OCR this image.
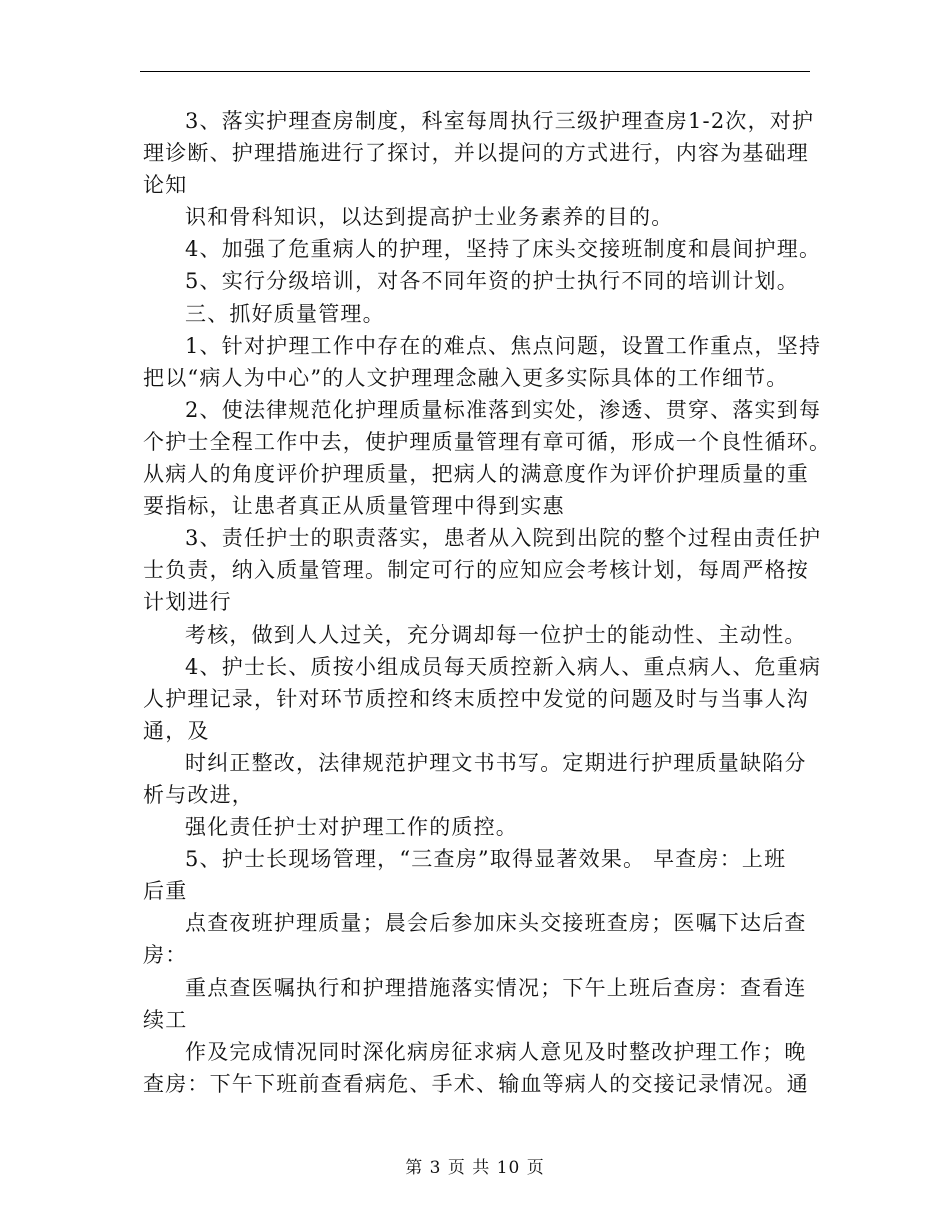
3、落实护理查房制度，科室每周执行三级护理查房1-2次，对护

理诊断、护理措施进行了探讨，并以提问的方式进行，内容为基础理

论知

识和骨科知识，以达到提高护士业务素养的目的。

4、加强了危重病人的护理，坚持了床头交接班制度和晨间护理。

5、实行分级培训，对各不同年资的护士执行不同的培训计划。

三、抓好质量管理。

1、针对护理工作中存在的难点、焦点问题，设置工作重点，坚持

把以“病人为中心”的人文护理理念融入更多实际具体的工作细节。

2、使法律规范化护理质量标准落到实处，渗透、贯穿、落实到每

个护士全程工作中去，使护理质量管理有章可循，形成一个良性循环。

从病人的角度评价护理质量，把病人的满意度作为评价护理质量的重

要指标，让患者真正从质量管理中得到实惠

3、责任护士的职责落实，患者从入院到出院的整个过程由责任护

士负责，纳入质量管理。制定可行的应知应会考核计划，每周严格按

计划进行

考核，做到人人过关，充分调却每一位护士的能动性、主动性。

4、护士长、质按小组成员每天质控新入病人、重点病人、危重病

人护理记录，针对环节质控和终末质控中发觉的问题及时与当事人沟

通，及

时纠正整改，法律规范护理文书书写。定期进行护理质量缺陷分

析与改进，

强化责任护士对护理工作的质控。

5、护士长现场管理，“三查房”取得显著效果。 早查房：上班

后重

点查夜班护理质量；晨会后参加床头交接班查房；医嘱下达后查

房：

重点查医嘱执行和护理措施落实情况；下午上班后查房：查看连

续工

作及完成情况同时深化病房征求病人意见及时整改护理工作；晚

查房：下午下班前查看病危、手术、输血等病人的交接记录情况。通

第 3 页 共 10 页
